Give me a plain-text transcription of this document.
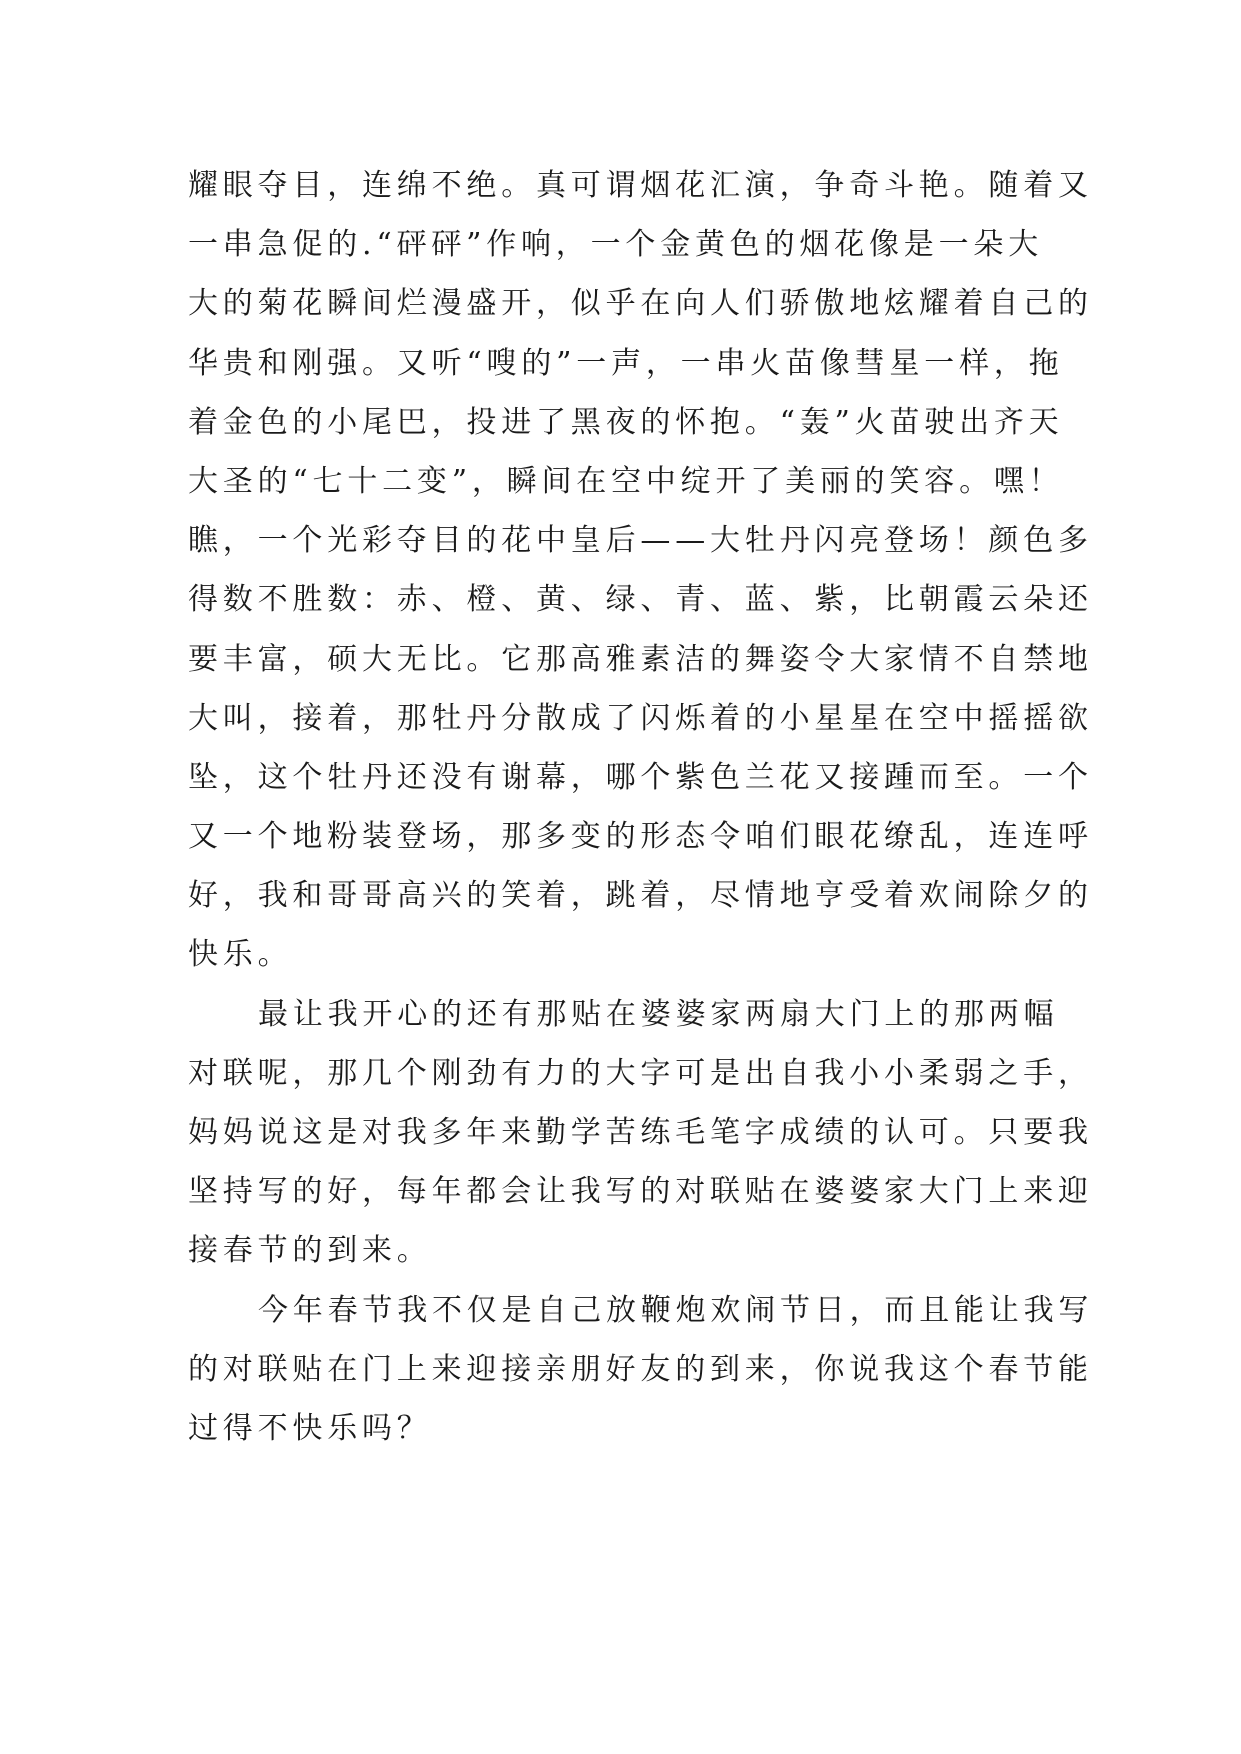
耀眼夺目，连绵不绝。真可谓烟花汇演，争奇斗艳。随着又
一串急促的.“砰砰”作响，一个金黄色的烟花像是一朵大
大的菊花瞬间烂漫盛开，似乎在向人们骄傲地炫耀着自己的
华贵和刚强。又听“嗖的”一声，一串火苗像彗星一样，拖
着金色的小尾巴，投进了黑夜的怀抱。“轰”火苗驶出齐天
大圣的“七十二变”，瞬间在空中绽开了美丽的笑容。嘿！
瞧，一个光彩夺目的花中皇后——大牡丹闪亮登场！颜色多
得数不胜数：赤、橙、黄、绿、青、蓝、紫，比朝霞云朵还
要丰富，硕大无比。它那高雅素洁的舞姿令大家情不自禁地
大叫，接着，那牡丹分散成了闪烁着的小星星在空中摇摇欲
坠，这个牡丹还没有谢幕，哪个紫色兰花又接踵而至。一个
又一个地粉装登场，那多变的形态令咱们眼花缭乱，连连呼
好，我和哥哥高兴的笑着，跳着，尽情地亨受着欢闹除夕的
快乐。
最让我开心的还有那贴在婆婆家两扇大门上的那两幅
对联呢，那几个刚劲有力的大字可是出自我小小柔弱之手，
妈妈说这是对我多年来勤学苦练毛笔字成绩的认可。只要我
坚持写的好，每年都会让我写的对联贴在婆婆家大门上来迎
接春节的到来。
今年春节我不仅是自己放鞭炮欢闹节日，而且能让我写
的对联贴在门上来迎接亲朋好友的到来，你说我这个春节能
过得不快乐吗？
